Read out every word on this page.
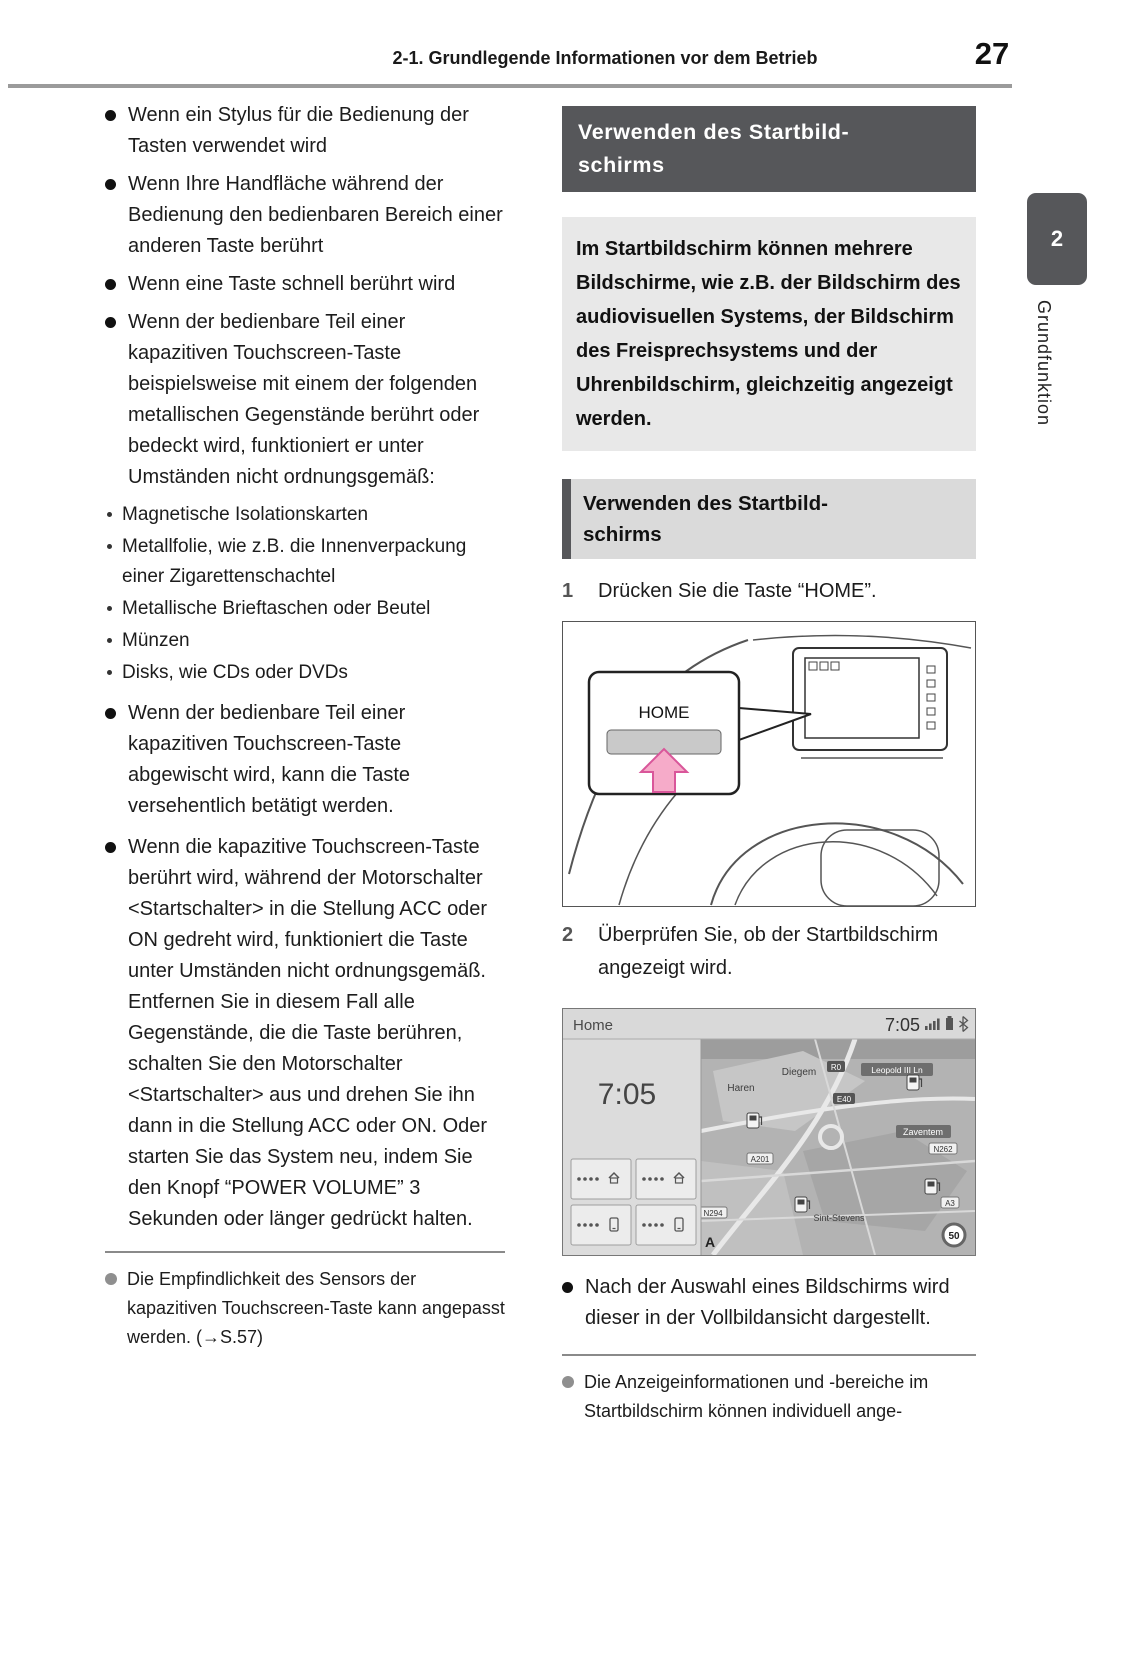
2-1. Grundlegende Informationen vor dem Betrieb	27
2
Grundfunktion
Wenn ein Stylus für die Bedienung der Tasten verwendet wird
Wenn Ihre Handfläche während der Bedienung den bedienbaren Bereich einer anderen Taste berührt
Wenn eine Taste schnell berührt wird
Wenn der bedienbare Teil einer kapazitiven Touchscreen-Taste beispielsweise mit einem der folgenden metallischen Gegenstände berührt oder bedeckt wird, funktioniert er unter Umständen nicht ordnungsgemäß:
Magnetische Isolationskarten
Metallfolie, wie z.B. die Innenverpackung einer Zigarettenschachtel
Metallische Brieftaschen oder Beutel
Münzen
Disks, wie CDs oder DVDs
Wenn der bedienbare Teil einer kapazitiven Touchscreen-Taste abgewischt wird, kann die Taste versehentlich betätigt werden.
Wenn die kapazitive Touchscreen-Taste berührt wird, während der Motorschalter <Startschalter> in die Stellung ACC oder ON gedreht wird, funktioniert die Taste unter Umständen nicht ordnungsgemäß. Entfernen Sie in diesem Fall alle Gegenstände, die die Taste berühren, schalten Sie den Motorschalter <Startschalter> aus und drehen Sie ihn dann in die Stellung ACC oder ON. Oder starten Sie das System neu, indem Sie den Knopf “POWER VOLUME” 3 Sekunden oder länger gedrückt halten.
Die Empfindlichkeit des Sensors der kapazitiven Touchscreen-Taste kann angepasst werden. (→S.57)
Verwenden des Startbild-
schirms
Im Startbildschirm können mehrere Bildschirme, wie z.B. der Bildschirm des audiovisuellen Systems, der Bildschirm des Freisprechsystems und der Uhrenbildschirm, gleichzeitig angezeigt werden.
Verwenden des Startbild-
schirms
1	Drücken Sie die Taste “HOME”.
HOME
2	Überprüfen Sie, ob der Startbildschirm angezeigt wird.
Haren
Diegem	Leopold III Ln
Zaventem
Sint-Stevens
R0
E40
A201
N294
N262
A3
50
A
7:05
Home	7:05
Nach der Auswahl eines Bildschirms wird dieser in der Vollbildansicht dargestellt.
Die Anzeigeinformationen und -bereiche im Startbildschirm können individuell ange-
